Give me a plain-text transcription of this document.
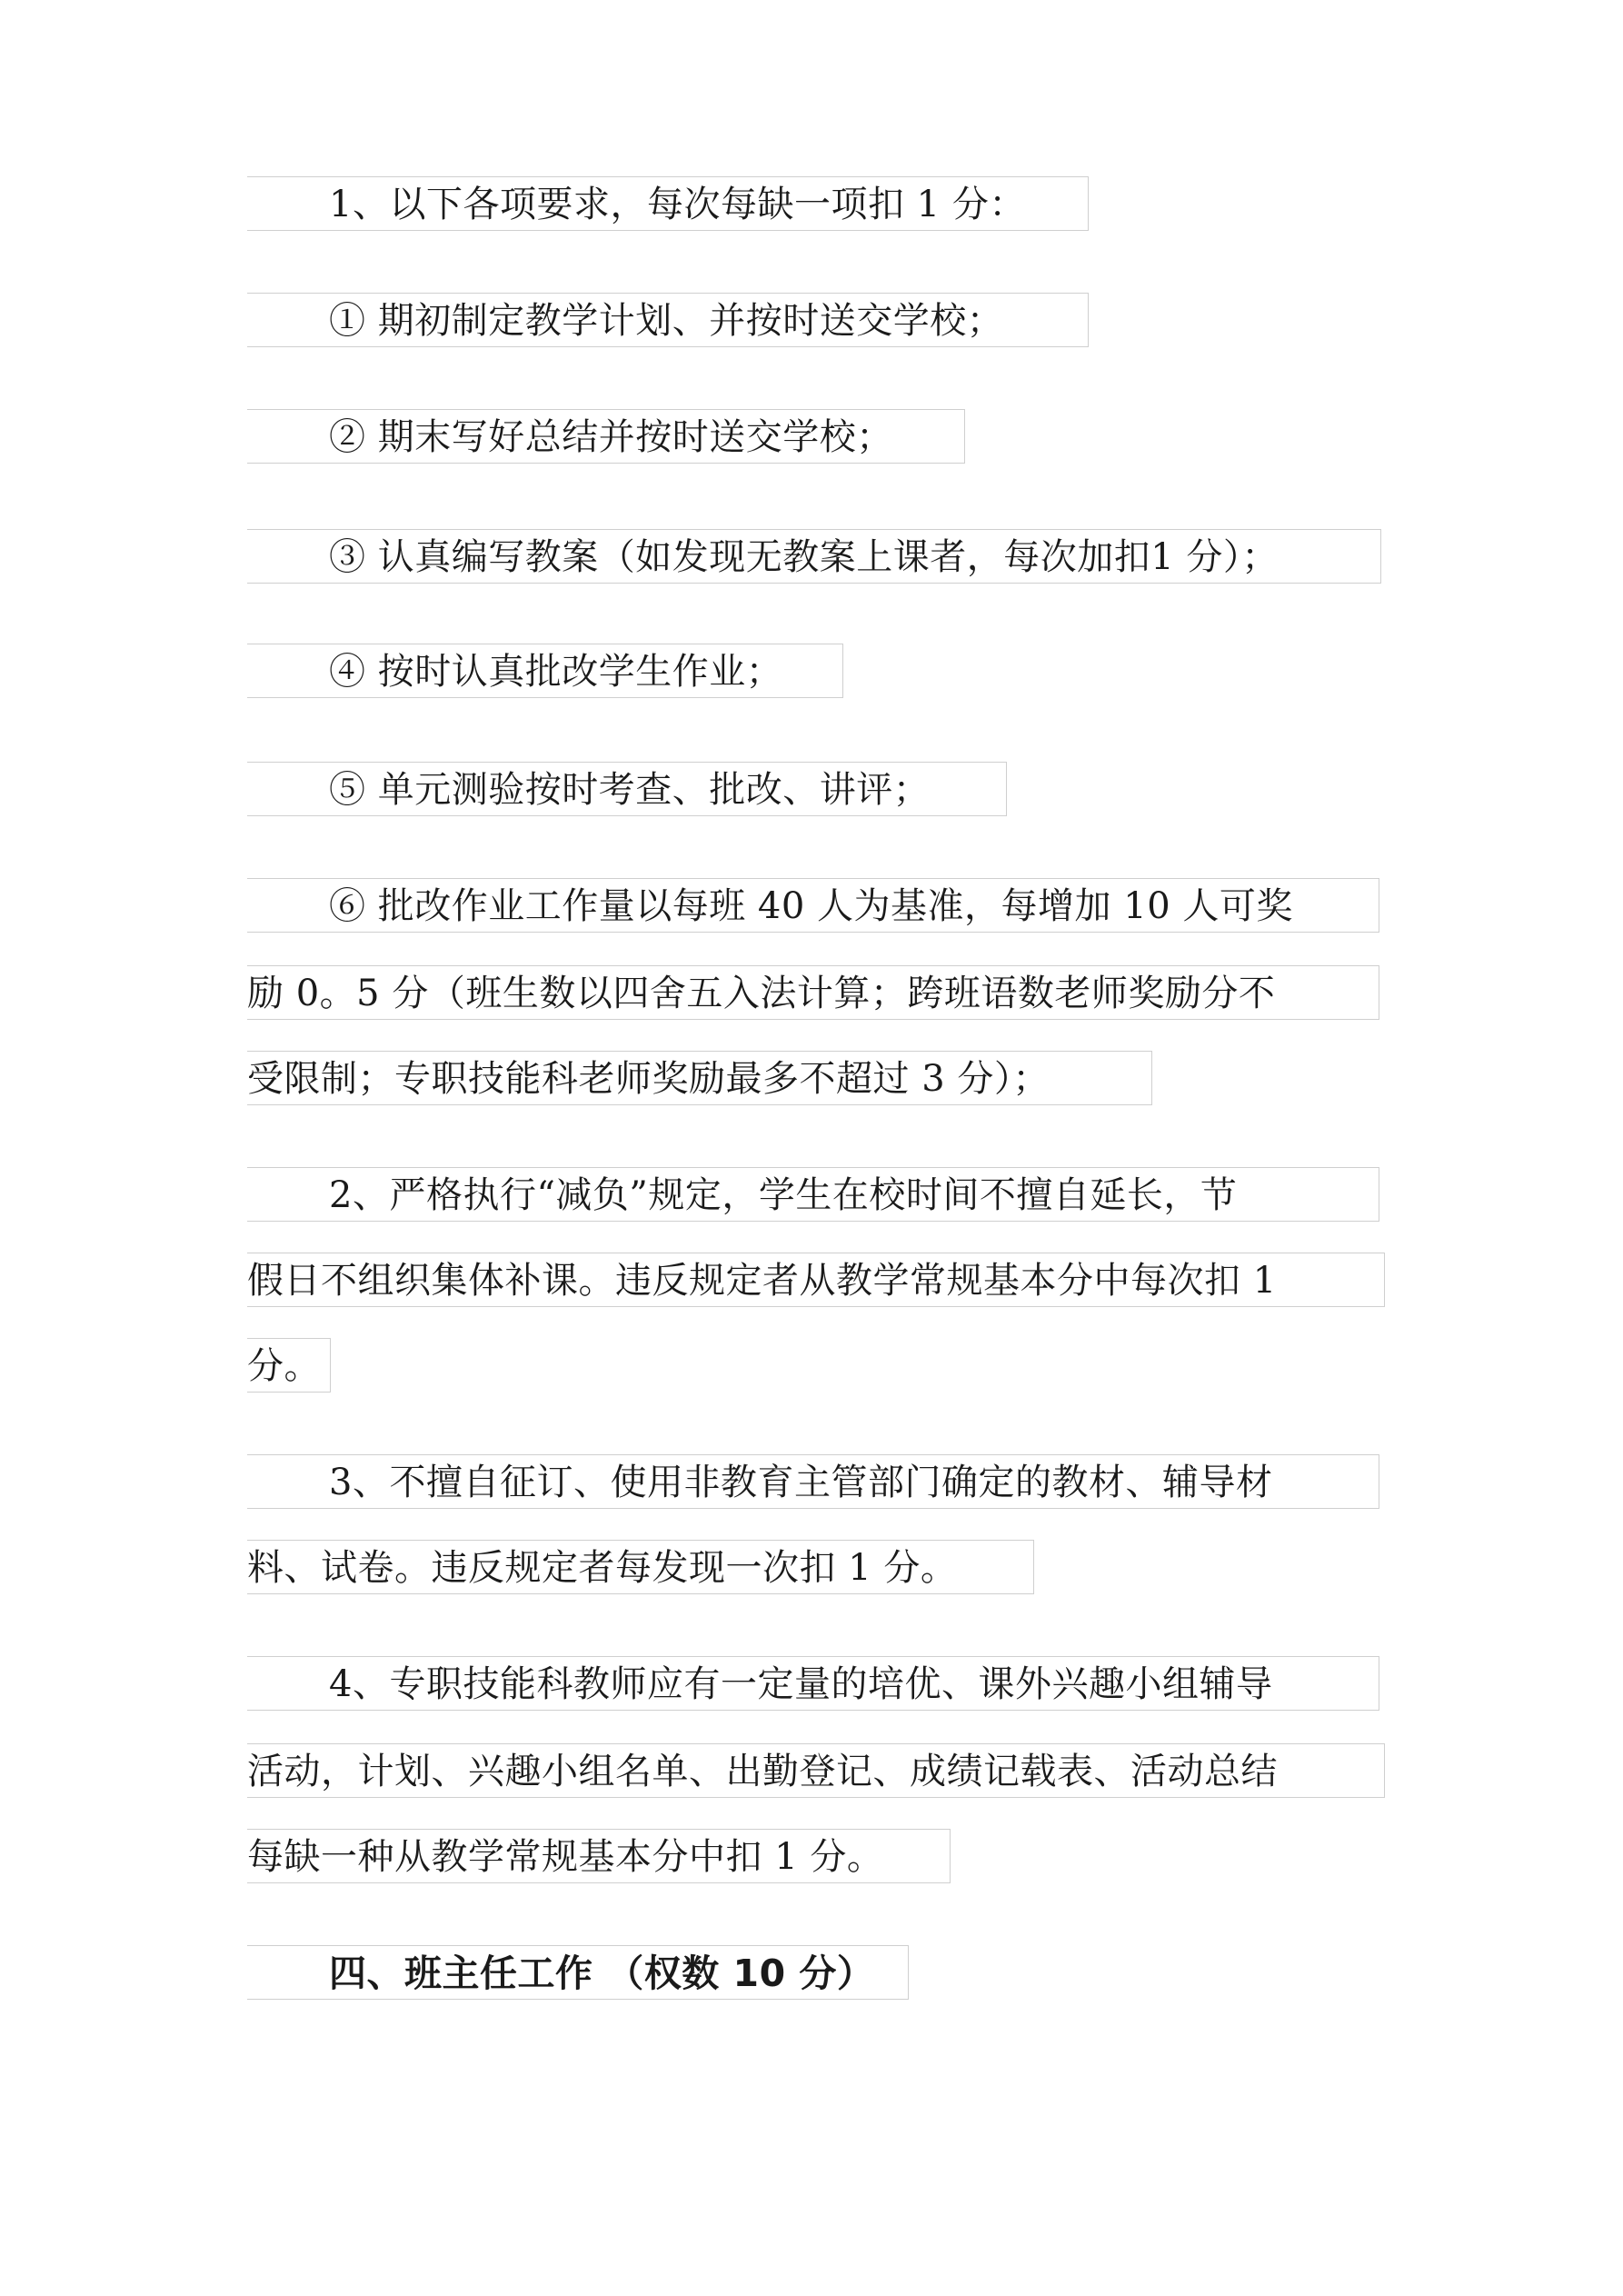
1、以下各项要求，每次每缺一项扣 1 分：
① 期初制定教学计划、并按时送交学校；
② 期末写好总结并按时送交学校；
③ 认真编写教案（如发现无教案上课者，每次加扣1 分）；
④ 按时认真批改学生作业；
⑤ 单元测验按时考查、批改、讲评；
⑥ 批改作业工作量以每班 40 人为基准，每增加 10 人可奖
励 0。5 分（班生数以四舍五入法计算；跨班语数老师奖励分不
受限制；专职技能科老师奖励最多不超过 3 分）；
2、严格执行“减负”规定，学生在校时间不擅自延长，节
假日不组织集体补课。违反规定者从教学常规基本分中每次扣 1
分。
3、不擅自征订、使用非教育主管部门确定的教材、辅导材
料、试卷。违反规定者每发现一次扣 1 分。
4、专职技能科教师应有一定量的培优、课外兴趣小组辅导
活动，计划、兴趣小组名单、出勤登记、成绩记载表、活动总结
每缺一种从教学常规基本分中扣 1 分。
四、班主任工作 （权数 10 分）
